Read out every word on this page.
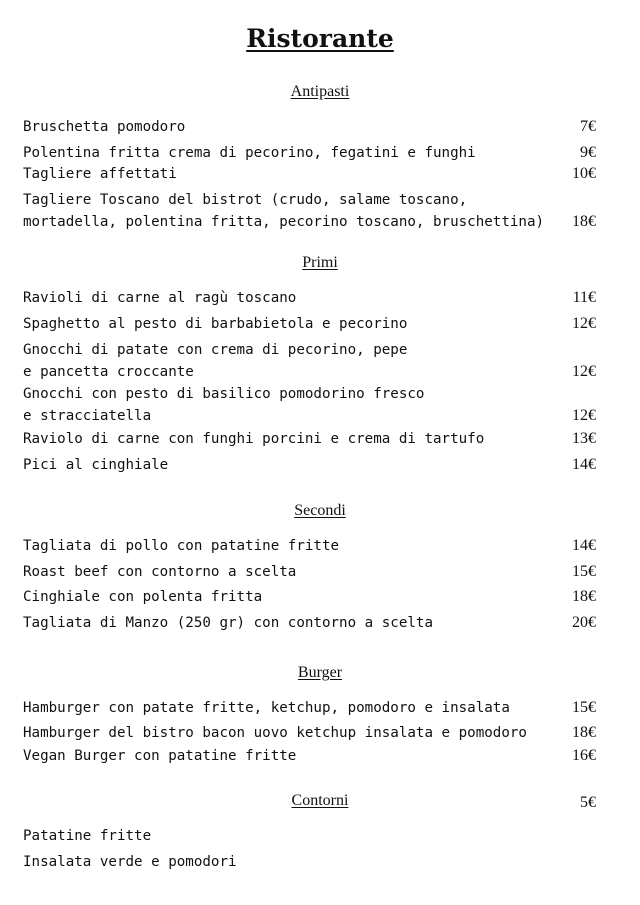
Ristorante
Antipasti
Bruschetta pomodoro	7€
Polentina fritta crema di pecorino, fegatini e funghi	9€
Tagliere affettati	10€
Tagliere Toscano del bistrot (crudo, salame toscano,
mortadella, polentina fritta, pecorino toscano, bruschettina)	18€
Primi
Ravioli di carne al ragù toscano	11€
Spaghetto al pesto di barbabietola e pecorino	12€
Gnocchi di patate con crema di pecorino, pepe
e pancetta croccante	12€
Gnocchi con pesto di basilico pomodorino fresco
e stracciatella	12€
Raviolo di carne con funghi porcini e crema di tartufo	13€
Pici al cinghiale	14€
Secondi
Tagliata di pollo con patatine fritte	14€
Roast beef con contorno a scelta	15€
Cinghiale con polenta fritta	18€
Tagliata di Manzo (250 gr) con contorno a scelta	20€
Burger
Hamburger con patate fritte, ketchup, pomodoro e insalata	15€
Hamburger del bistro bacon uovo ketchup insalata e pomodoro	18€
Vegan Burger con patatine fritte	16€
Contorni	5€
Patatine fritte
Insalata verde e pomodori
